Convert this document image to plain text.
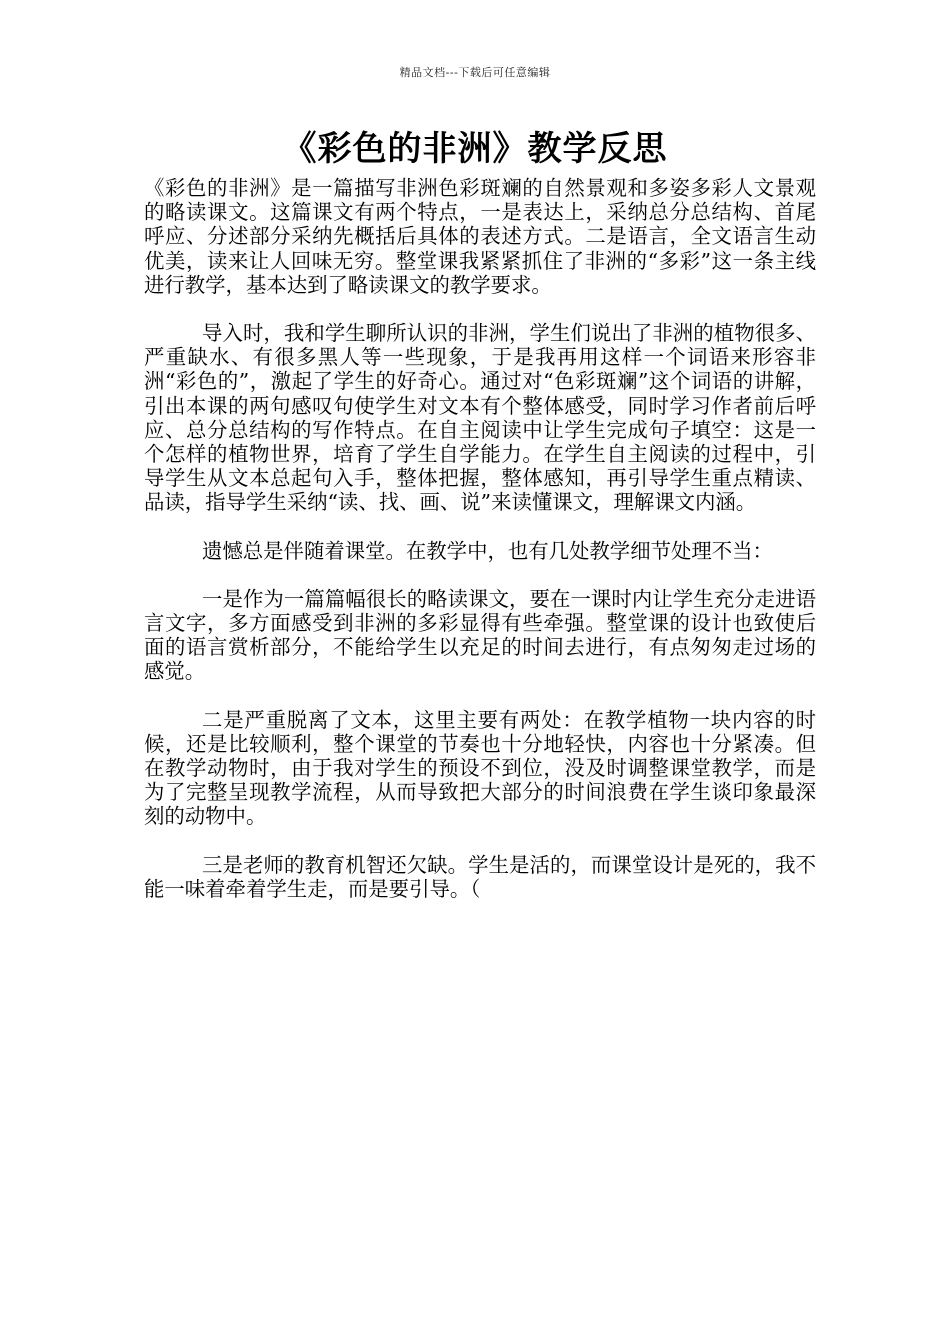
精品文档---下载后可任意编辑
《彩色的非洲》教学反思

《彩色的非洲》是一篇描写非洲色彩斑斓的自然景观和多姿多彩人文景观的略读课文。这篇课文有两个特点，一是表达上，采纳总分总结构、首尾呼应、分述部分采纳先概括后具体的表述方式。二是语言，全文语言生动优美，读来让人回味无穷。整堂课我紧紧抓住了非洲的“多彩”这一条主线进行教学，基本达到了略读课文的教学要求。

导入时，我和学生聊所认识的非洲，学生们说出了非洲的植物很多、严重缺水、有很多黑人等一些现象，于是我再用这样一个词语来形容非洲“彩色的”，激起了学生的好奇心。通过对“色彩斑斓”这个词语的讲解，引出本课的两句感叹句使学生对文本有个整体感受，同时学习作者前后呼应、总分总结构的写作特点。在自主阅读中让学生完成句子填空：这是一个怎样的植物世界，培育了学生自学能力。在学生自主阅读的过程中，引导学生从文本总起句入手，整体把握，整体感知，再引导学生重点精读、品读，指导学生采纳“读、找、画、说”来读懂课文，理解课文内涵。

遗憾总是伴随着课堂。在教学中，也有几处教学细节处理不当：

一是作为一篇篇幅很长的略读课文，要在一课时内让学生充分走进语言文字，多方面感受到非洲的多彩显得有些牵强。整堂课的设计也致使后面的语言赏析部分，不能给学生以充足的时间去进行，有点匆匆走过场的感觉。

二是严重脱离了文本，这里主要有两处：在教学植物一块内容的时候，还是比较顺利，整个课堂的节奏也十分地轻快，内容也十分紧凑。但在教学动物时，由于我对学生的预设不到位，没及时调整课堂教学，而是为了完整呈现教学流程，从而导致把大部分的时间浪费在学生谈印象最深刻的动物中。

三是老师的教育机智还欠缺。学生是活的，而课堂设计是死的，我不能一味着牵着学生走，而是要引导。（
